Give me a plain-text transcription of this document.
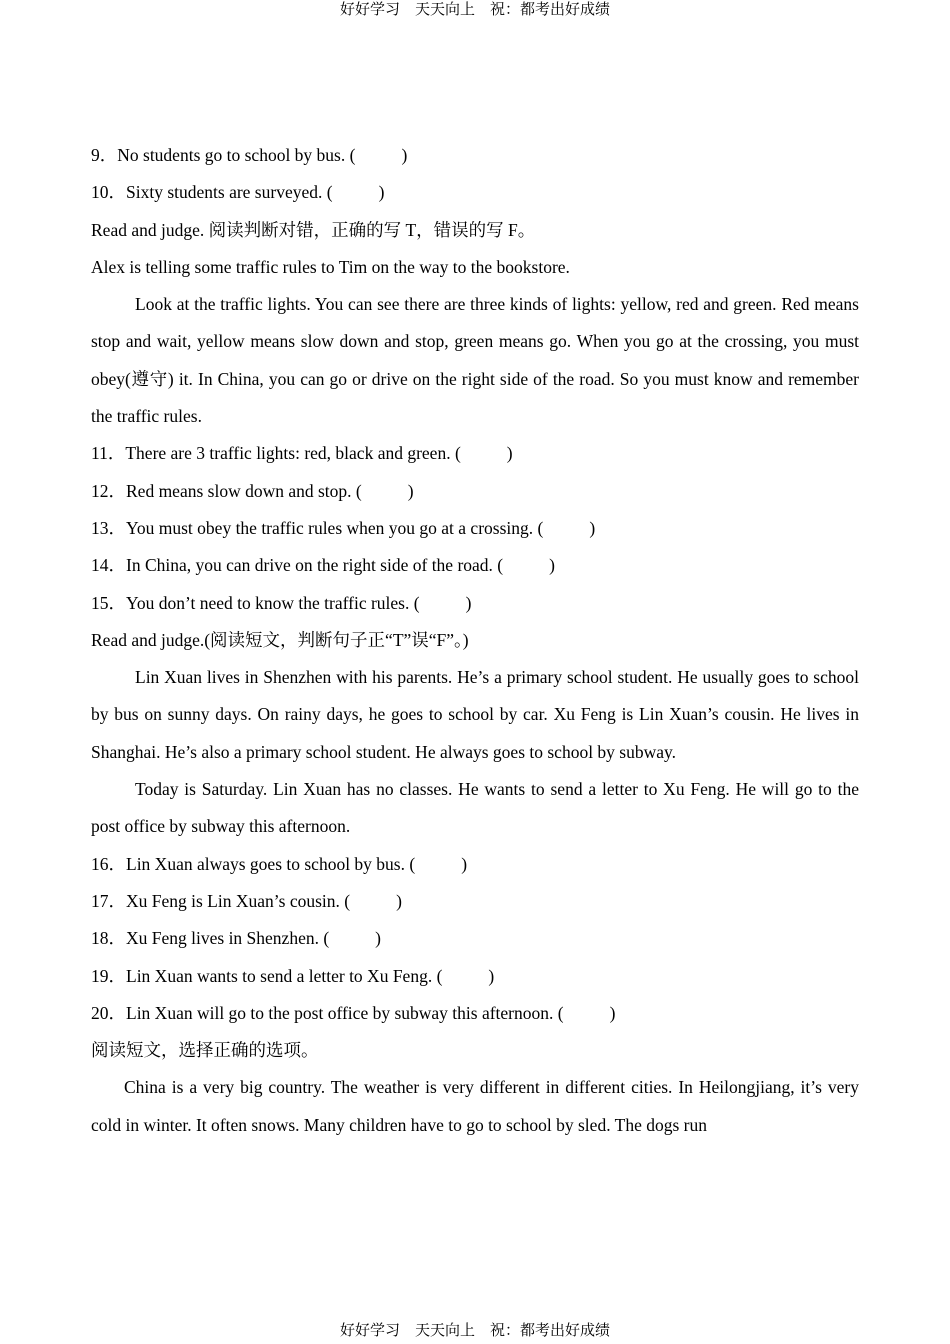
好好学习　天天向上　祝：都考出好成绩
9．No students go to school by bus. (	)
10．Sixty students are surveyed. (	)
Read and judge. 阅读判断对错，正确的写 T，错误的写 F。
Alex is telling some traffic rules to Tim on the way to the bookstore.
Look at the traffic lights. You can see there are three kinds of lights: yellow, red and green. Red means stop and wait, yellow means slow down and stop, green means go. When you go at the crossing, you must obey(遵守) it. In China, you can go or drive on the right side of the road. So you must know and remember the traffic rules.
11．There are 3 traffic lights: red, black and green. (	)
12．Red means slow down and stop. (	)
13．You must obey the traffic rules when you go at a crossing. (	)
14．In China, you can drive on the right side of the road. (	)
15．You don’t need to know the traffic rules. (	)
Read and judge.(阅读短文，判断句子正“T”误“F”。)
Lin Xuan lives in Shenzhen with his parents. He’s a primary school student. He usually goes to school by bus on sunny days. On rainy days, he goes to school by car. Xu Feng is Lin Xuan’s cousin. He lives in Shanghai. He’s also a primary school student. He always goes to school by subway.
Today is Saturday. Lin Xuan has no classes. He wants to send a letter to Xu Feng. He will go to the post office by subway this afternoon.
16．Lin Xuan always goes to school by bus. (	)
17．Xu Feng is Lin Xuan’s cousin. (	)
18．Xu Feng lives in Shenzhen. (	)
19．Lin Xuan wants to send a letter to Xu Feng. (	)
20．Lin Xuan will go to the post office by subway this afternoon. (	)
阅读短文，选择正确的选项。
China is a very big country. The weather is very different in different cities. In Heilongjiang, it’s very cold in winter. It often snows. Many children have to go to school by sled. The dogs run
好好学习　天天向上　祝：都考出好成绩
